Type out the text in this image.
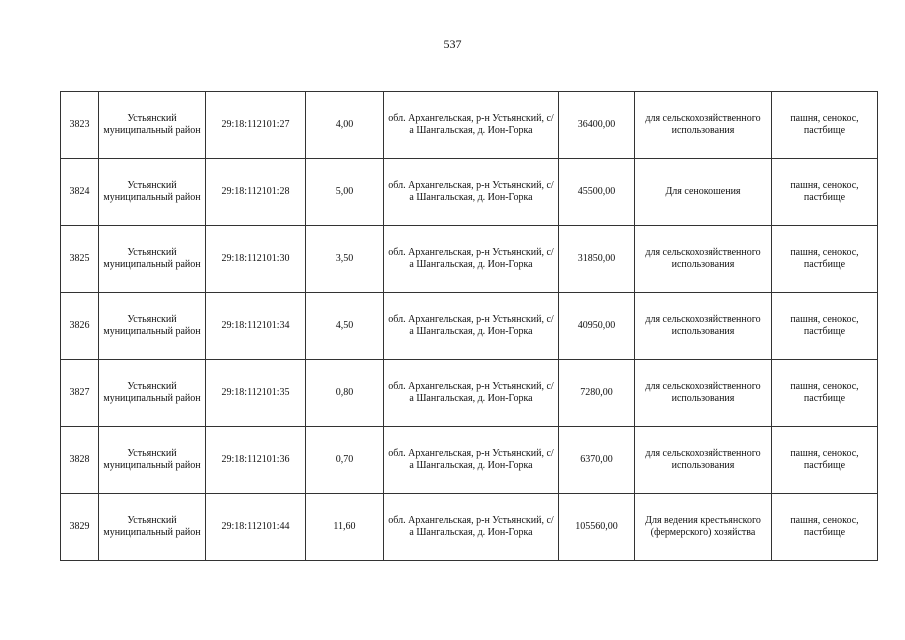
537
3823	Устьянский муниципальный район	29:18:112101:27	4,00	обл. Архангельская, р-н Устьянский, с/а Шангальская, д. Ион-Горка	36400,00	для сельскохозяйственного использования	пашня, сенокос, пастбище
3824	Устьянский муниципальный район	29:18:112101:28	5,00	обл. Архангельская, р-н Устьянский, с/а Шангальская, д. Ион-Горка	45500,00	Для сенокошения	пашня, сенокос, пастбище
3825	Устьянский муниципальный район	29:18:112101:30	3,50	обл. Архангельская, р-н Устьянский, с/а Шангальская, д. Ион-Горка	31850,00	для сельскохозяйственного использования	пашня, сенокос, пастбище
3826	Устьянский муниципальный район	29:18:112101:34	4,50	обл. Архангельская, р-н Устьянский, с/а Шангальская, д. Ион-Горка	40950,00	для сельскохозяйственного использования	пашня, сенокос, пастбище
3827	Устьянский муниципальный район	29:18:112101:35	0,80	обл. Архангельская, р-н Устьянский, с/а Шангальская, д. Ион-Горка	7280,00	для сельскохозяйственного использования	пашня, сенокос, пастбище
3828	Устьянский муниципальный район	29:18:112101:36	0,70	обл. Архангельская, р-н Устьянский, с/а Шангальская, д. Ион-Горка	6370,00	для сельскохозяйственного использования	пашня, сенокос, пастбище
3829	Устьянский муниципальный район	29:18:112101:44	11,60	обл. Архангельская, р-н Устьянский, с/а Шангальская, д. Ион-Горка	105560,00	Для ведения крестьянского (фермерского) хозяйства	пашня, сенокос, пастбище
